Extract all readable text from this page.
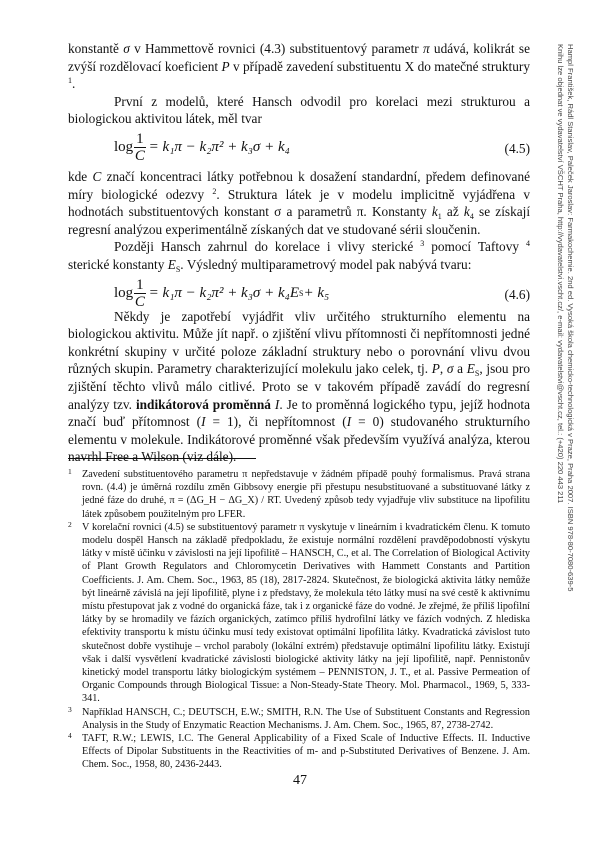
konstantě σ v Hammettově rovnici (4.3) substituentový parametr π udává, kolikrát se zvýší rozdělovací koeficient P v případě zavedení substituentu X do matečné struktury $^1$.

První z modelů, které Hansch odvodil pro korelaci mezi strukturou a biologickou aktivitou látek, měl tvar

$\log \frac{1}{C} = k_1\pi - k_2\pi^2 + k_3\sigma + k_4$	(4.5)

kde C značí koncentraci látky potřebnou k dosažení standardní, předem definované míry biologické odezvy $^2$. Struktura látek je v modelu implicitně vyjádřena v hodnotách substituentových konstant σ a parametrů π. Konstanty $k_1$ až $k_4$ se získají regresní analýzou experimentálně získaných dat ve studované sérii sloučenin.

Později Hansch zahrnul do korelace i vlivy sterické $^3$ pomocí Taftovy $^4$ sterické konstanty $E_S$. Výsledný multiparametrový model pak nabývá tvaru:

$\log \frac{1}{C} = k_1\pi - k_2\pi^2 + k_3\sigma + k_4E$ S + k₅	(4.6)

Někdy je zapotřebí vyjádřit vliv určitého strukturního elementu na biologickou aktivitu. Může jít např. o zjištění vlivu přítomnosti či nepřítomnosti jedné konkrétní skupiny v určité poloze základní struktury nebo o porovnání vlivu dvou různých skupin. Parametry charakterizující molekulu jako celek, tj. P, σ a $E_S$, jsou pro zjištění těchto vlivů málo citlivé. Proto se v takovém případě zavádí do regresní analýzy tzv. indikátorová proměnná I. Je to proměnná logického typu, jejíž hodnota značí buď přítomnost (I = 1), či nepřítomnost (I = 0) studovaného strukturního elementu v molekule. Indikátorové proměnné však především využívá analýza, kterou navrhl Free a Wilson (viz dále).

1 Zavedení substituentového parametru π nepředstavuje v žádném případě pouhý formalismus. Pravá strana rovn. (4.4) je úměrná rozdílu změn Gibbsovy energie při přestupu nesubstituované a substituované látky z jedné fáze do druhé, π = (ΔG_H − ΔG_X) / RT. Uvedený způsob tedy vyjadřuje vliv substituce na lipofilitu látek způsobem použitelným pro LFER.
2 V korelační rovnici (4.5) se substituentový parametr π vyskytuje v lineárním i kvadratickém členu. K tomuto modelu dospěl Hansch na základě předpokladu, že existuje normální rozdělení pravděpodobností výskytu látky v místě účinku v závislosti na její lipofilitě – HANSCH, C., et al. The Correlation of Biological Activity of Plant Growth Regulators and Chloromycetin Derivatives with Hammett Constants and Partition Coefficients. J. Am. Chem. Soc., 1963, 85 (18), 2817-2824. Skutečnost, že biologická aktivita látky nemůže být lineárně závislá na její lipofilitě, plyne i z představy, že molekula této látky musí na své cestě k aktivnímu místu přestupovat jak z vodné do organická fáze, tak i z organické fáze do vodné. Je zřejmé, že příliš lipofilní látky by se hromadily ve fázích organických, zatímco příliš hydrofilní látky ve fázích vodných. Z hlediska efektivity transportu k místu účinku musí tedy existovat optimální lipofilita látky. Kvadratická závislost tuto skutečnost dobře vystihuje – vrchol paraboly (lokální extrém) představuje optimální lipofilitu látky. Existují však i další vysvětlení kvadratické závislosti biologické aktivity látky na její lipofilitě, např. Pennistonův kinetický model transportu látky biologickým systémem – PENNISTON, J. T., et al. Passive Permeation of Organic Compounds through Biological Tissue: a Non-Steady-State Theory. Mol. Pharmacol., 1969, 5, 333-341.
3 Například HANSCH, C.; DEUTSCH, E.W.; SMITH, R.N. The Use of Substituent Constants and Regression Analysis in the Study of Enzymatic Reaction Mechanisms. J. Am. Chem. Soc., 1965, 87, 2738-2742.
4 TAFT, R.W.; LEWIS, I.C. The General Applicability of a Fixed Scale of Inductive Effects. II. Inductive Effects of Dipolar Substituents in the Reactivities of m- and p-Substituted Derivatives of Benzene. J. Am. Chem. Soc., 1958, 80, 2436-2443.
47
Hampl František, Rádl Stanislav, Paleček Jaroslav: Farmakochemie. 2nd ed. Vysoká škola chemicko-technologická v Praze, Praha 2007. ISBN 978-80-7080-639-5
Knihu lze objednat ve vydavatelství VŠCHT Praha, http://vydavatelstvi.vscht.cz/, e-mail: vydavatelstvi@vscht.cz, tel.: (+420) 220 443 211
